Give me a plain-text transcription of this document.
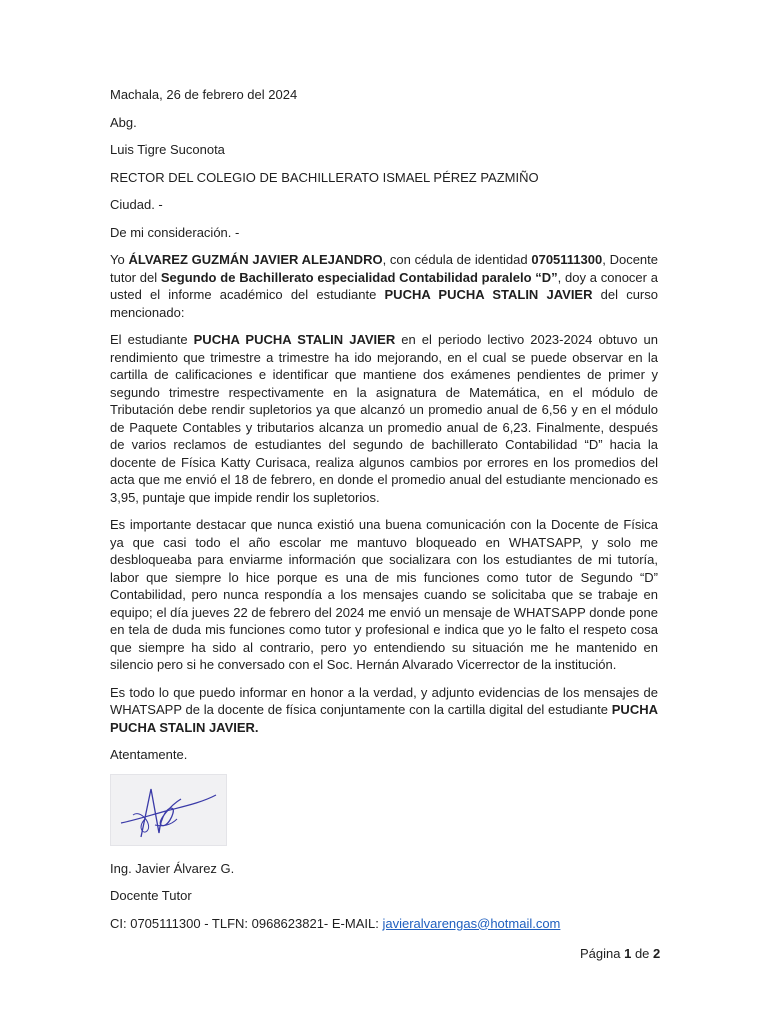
Machala, 26 de febrero del 2024

Abg.

Luis Tigre Suconota

RECTOR DEL COLEGIO DE BACHILLERATO ISMAEL PÉREZ PAZMIÑO

Ciudad. -

De mi consideración. -

Yo ÁLVAREZ GUZMÁN JAVIER ALEJANDRO, con cédula de identidad 0705111300, Docente tutor del Segundo de Bachillerato especialidad Contabilidad paralelo “D”, doy a conocer a usted el informe académico del estudiante PUCHA PUCHA STALIN JAVIER del curso mencionado:

El estudiante PUCHA PUCHA STALIN JAVIER en el periodo lectivo 2023-2024 obtuvo un rendimiento que trimestre a trimestre ha ido mejorando, en el cual se puede observar en la cartilla de calificaciones e identificar que mantiene dos exámenes pendientes de primer y segundo trimestre respectivamente en la asignatura de Matemática, en el módulo de Tributación debe rendir supletorios ya que alcanzó un promedio anual de 6,56 y en el módulo de Paquete Contables y tributarios alcanza un promedio anual de 6,23. Finalmente, después de varios reclamos de estudiantes del segundo de bachillerato Contabilidad “D” hacia la docente de Física Katty Curisaca, realiza algunos cambios por errores en los promedios del acta que me envió el 18 de febrero, en donde el promedio anual del estudiante mencionado es 3,95, puntaje que impide rendir los supletorios.

Es importante destacar que nunca existió una buena comunicación con la Docente de Física ya que casi todo el año escolar me mantuvo bloqueado en WHATSAPP, y solo me desbloqueaba para enviarme información que socializara con los estudiantes de mi tutoría, labor que siempre lo hice porque es una de mis funciones como tutor de Segundo “D” Contabilidad, pero nunca respondía a los mensajes cuando se solicitaba que se trabaje en equipo; el día jueves 22 de febrero del 2024 me envió un mensaje de WHATSAPP donde pone en tela de duda mis funciones como tutor y profesional e indica que yo le falto el respeto cosa que siempre ha sido al contrario, pero yo entendiendo su situación me he mantenido en silencio pero si he conversado con el Soc. Hernán Alvarado Vicerrector de la institución.

Es todo lo que puedo informar en honor a la verdad, y adjunto evidencias de los mensajes de WHATSAPP de la docente de física conjuntamente con la cartilla digital del estudiante PUCHA PUCHA STALIN JAVIER.

Atentamente.

Ing. Javier Álvarez G.

Docente Tutor

CI: 0705111300 - TLFN: 0968623821- E-MAIL: javieralvarengas@hotmail.com

Página 1 de 2
